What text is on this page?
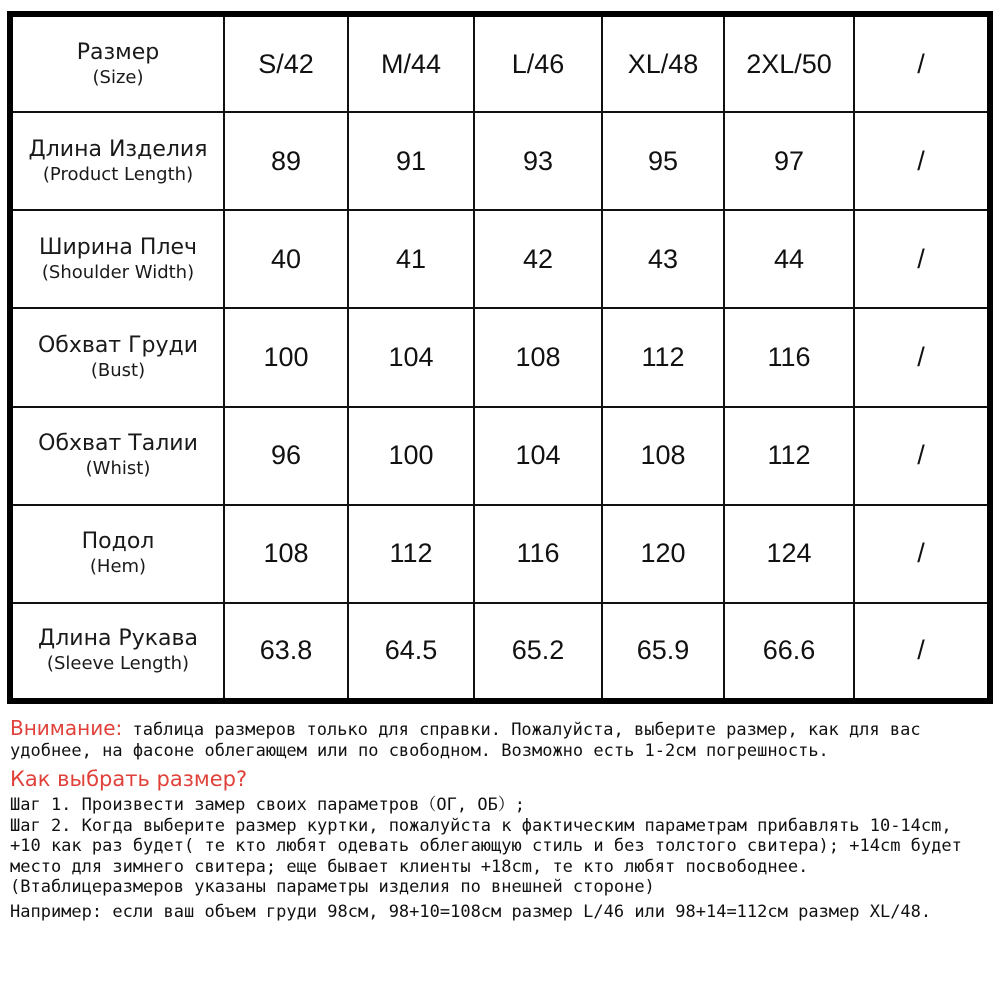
Размер
(Size)	S/42	M/44	L/46	XL/48	2XL/50	/

Длина Изделия
(Product Length)	89	91	93	95	97	/

Ширина Плеч
(Shoulder Width)	40	41	42	43	44	/

Обхват Груди
(Bust)	100	104	108	112	116	/

Обхват Талии
(Whist)	96	100	104	108	112	/

Подол
(Hem)	108	112	116	120	124	/

Длина Рукава
(Sleeve Length)	63.8	64.5	65.2	65.9	66.6	/

Внимание: таблица размеров только для справки. Пожалуйста, выберите размер, как для вас удобнее, на фасоне облегающем или по свободном. Возможно есть 1-2см погрешность.

Как выбрать размер?

Шаг 1. Произвести замер своих параметров（ОГ, ОБ）;

Шаг 2. Когда выберите размер куртки, пожалуйста к фактическим параметрам прибавлять 10-14cm, +10 как раз будет( те кто любят одевать облегающую стиль и без толстого свитера); +14cm будет место для зимнего свитера; еще бывает клиенты +18cm, те кто любят посвободнее. (Втаблицеразмеров указаны параметры изделия по внешней стороне)

Например: если ваш объем груди 98см, 98+10=108см размер L/46 или 98+14=112см размер XL/48.
